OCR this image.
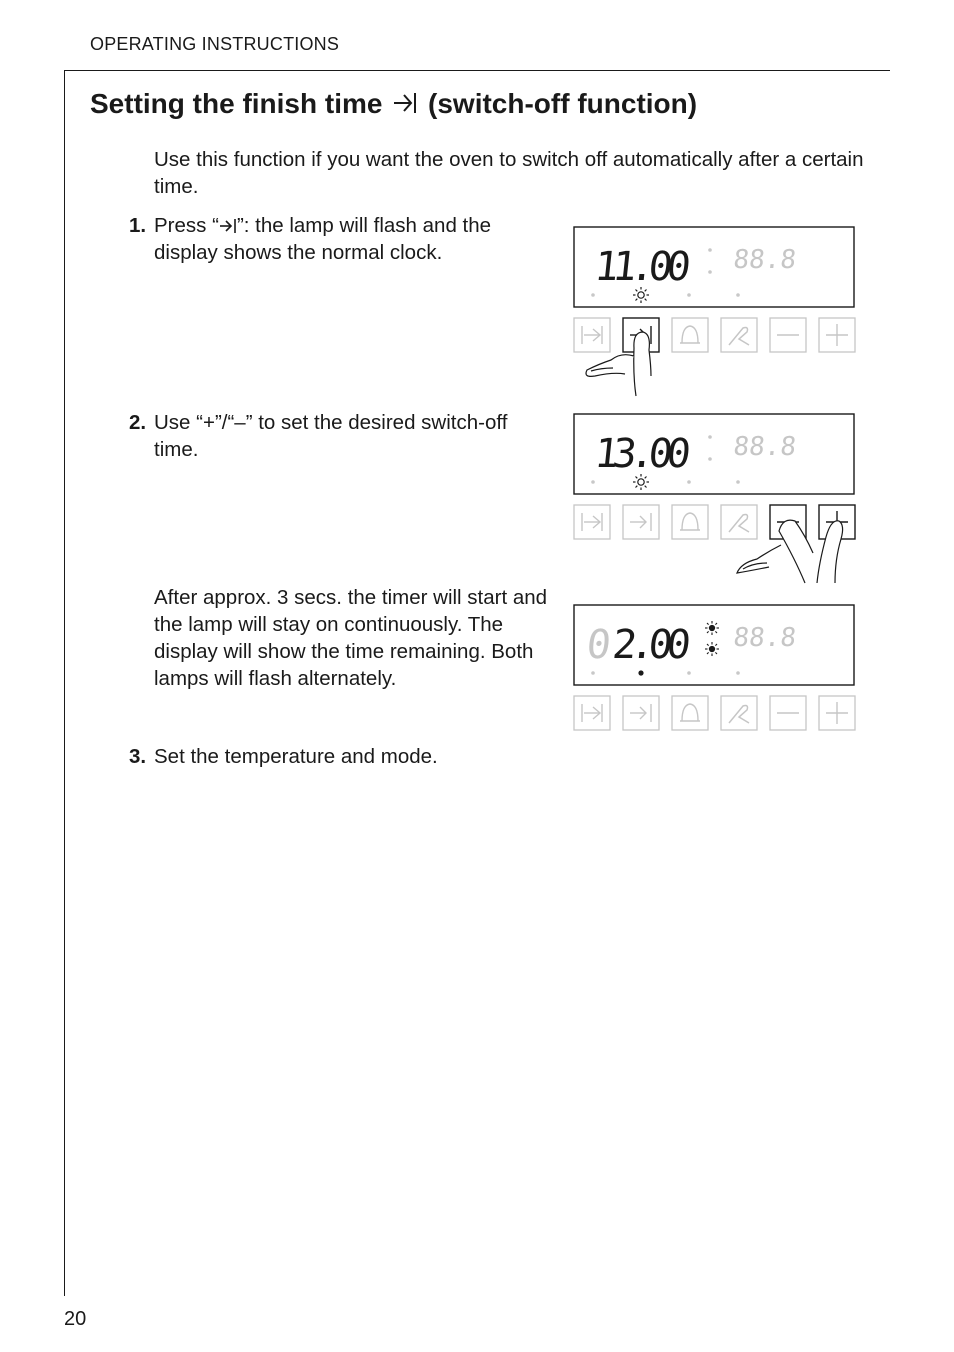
OPERATING INSTRUCTIONS
Setting the finish time (switch-off function)
Use this function if you want the oven to switch off automatically after a certain time.
1. Press “ ”: the lamp will flash and the display shows the normal clock.
2. Use “+”/“–” to set the desired switch-off time.
After approx. 3 secs. the timer will start and the lamp will stay on continuously. The display will show the time remaining. Both lamps will flash alternately.
3. Set the temperature and mode.
11.00 88.8
13.00 88.8
0
2.00 88.8
20
